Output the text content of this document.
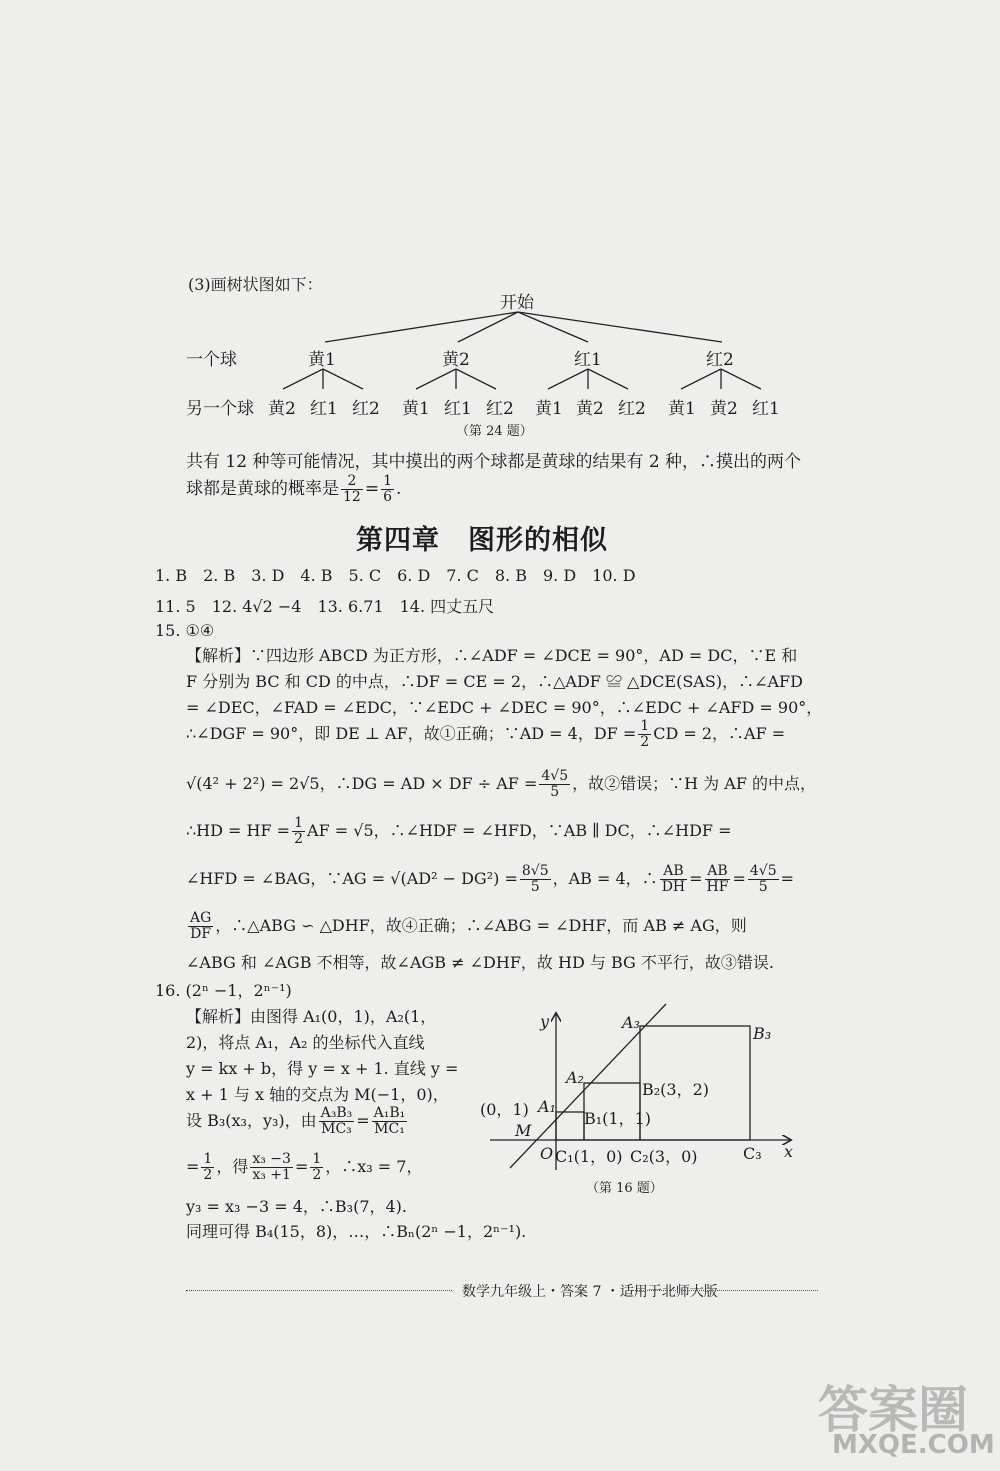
(3)画树状图如下：
开始
一个球	黄1	黄2	红1	红2
另一个球 黄2 红1 红2 黄1 红1 红2 黄1 黄2 红2 黄1 黄2 红1
（第 24 题）
共有 12 种等可能情况，其中摸出的两个球都是黄球的结果有 2 种，∴摸出的两个
球都是黄球的概率是 $\frac{2}{12} = \frac{1}{6}$ .
第四章　图形的相似
1. B　2. B　3. D　4. B　5. C　6. D　7. C　8. B　9. D　10. D
11. 5　12. 4√2 −4　13. 6.71　14. 四丈五尺
15. ①④
【解析】∵四边形 ABCD 为正方形，∴∠ADF = ∠DCE = 90°，AD = DC，∵E 和
F 分别为 BC 和 CD 的中点，∴DF = CE = 2，∴△ADF ≌ △DCE(SAS)，∴∠AFD
= ∠DEC，∠FAD = ∠EDC，∵∠EDC + ∠DEC = 90°，∴∠EDC + ∠AFD = 90°，
∴∠DGF = 90°，即 DE ⊥ AF，故①正确；∵AD = 4，DF = $\frac{1}{2}$ CD = 2，∴AF =
√(4² + 2²) = 2√5，∴DG = AD × DF ÷ AF = $\frac{4√5}{5}$ ，故②错误；∵H 为 AF 的中点，
∴HD = HF = $\frac{1}{2}$ AF = √5，∴∠HDF = ∠HFD，∵AB ∥ DC，∴∠HDF =
∠HFD = ∠BAG，∵AG = $√(AD^2 - DG^2) = \frac{8√5}{5}$ ，AB = 4，∴ $\frac{AB}{DH} = \frac{AB}{HF} = \frac{4√5}{5}$ =
$\frac{AG}{DF}$ ，∴△ABG ∽ △DHF，故④正确；∴∠ABG = ∠DHF，而 AB ≠ AG，则
∠ABG 和 ∠AGB 不相等，故∠AGB ≠ ∠DHF，故 HD 与 BG 不平行，故③错误.
16. (2ⁿ −1，2ⁿ⁻¹)
【解析】由图得 A₁(0，1)，A₂(1，
2)，将点 A₁，A₂ 的坐标代入直线
y = kx + b，得 y = x + 1. 直线 y =
x + 1 与 x 轴的交点为 M(−1，0)，
设 B₃(x₃，y₃)，由 $\frac{\text{A₃B₃}}{\text{MC₃}} = \frac{\text{A₁B₁}}{\text{MC₁}}$
= $\frac{1}{2}$ ，得 $\frac{\text{x₃ −3}}{\text{x₃ +1}} = \frac{1}{2}$ ，∴x₃ = 7，
y₃ = x₃ −3 = 4，∴B₃(7，4).
同理可得 B₄(15，8)，…，∴Bₙ(2ⁿ −1，2ⁿ⁻¹).
y
x
A₃
B₃
A₂
B₂(3，2)
(0，1) A₁
B₁(1，1)
M
O C₁(1，0) C₂(3，0)	C₃
（第 16 题）
数学九年级上・答案 7 ・适用于北师大版
答案圈
MXQE.COM
